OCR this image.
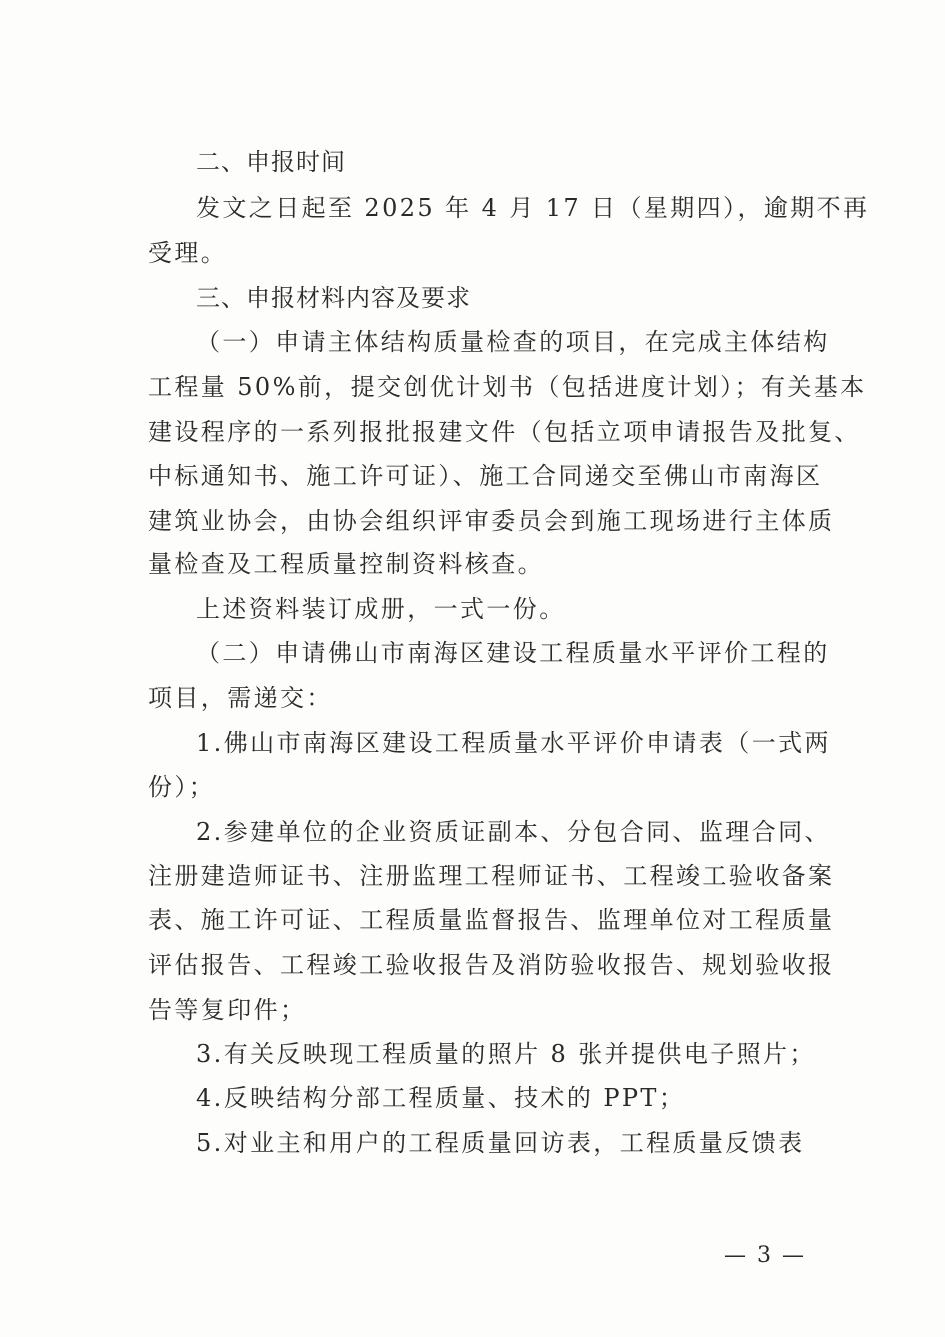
二、申报时间
发文之日起至 2025 年 4 月 17 日（星期四），逾期不再
受理。
三、申报材料内容及要求
（一）申请主体结构质量检查的项目，在完成主体结构
工程量 50%前，提交创优计划书（包括进度计划）；有关基本
建设程序的一系列报批报建文件（包括立项申请报告及批复、
中标通知书、施工许可证）、施工合同递交至佛山市南海区
建筑业协会，由协会组织评审委员会到施工现场进行主体质
量检查及工程质量控制资料核查。
上述资料装订成册，一式一份。
（二）申请佛山市南海区建设工程质量水平评价工程的
项目，需递交：
1.佛山市南海区建设工程质量水平评价申请表（一式两
份）；
2.参建单位的企业资质证副本、分包合同、监理合同、
注册建造师证书、注册监理工程师证书、工程竣工验收备案
表、施工许可证、工程质量监督报告、监理单位对工程质量
评估报告、工程竣工验收报告及消防验收报告、规划验收报
告等复印件；
3.有关反映现工程质量的照片 8 张并提供电子照片；
4.反映结构分部工程质量、技术的 PPT；
5.对业主和用户的工程质量回访表，工程质量反馈表
— 3 —
